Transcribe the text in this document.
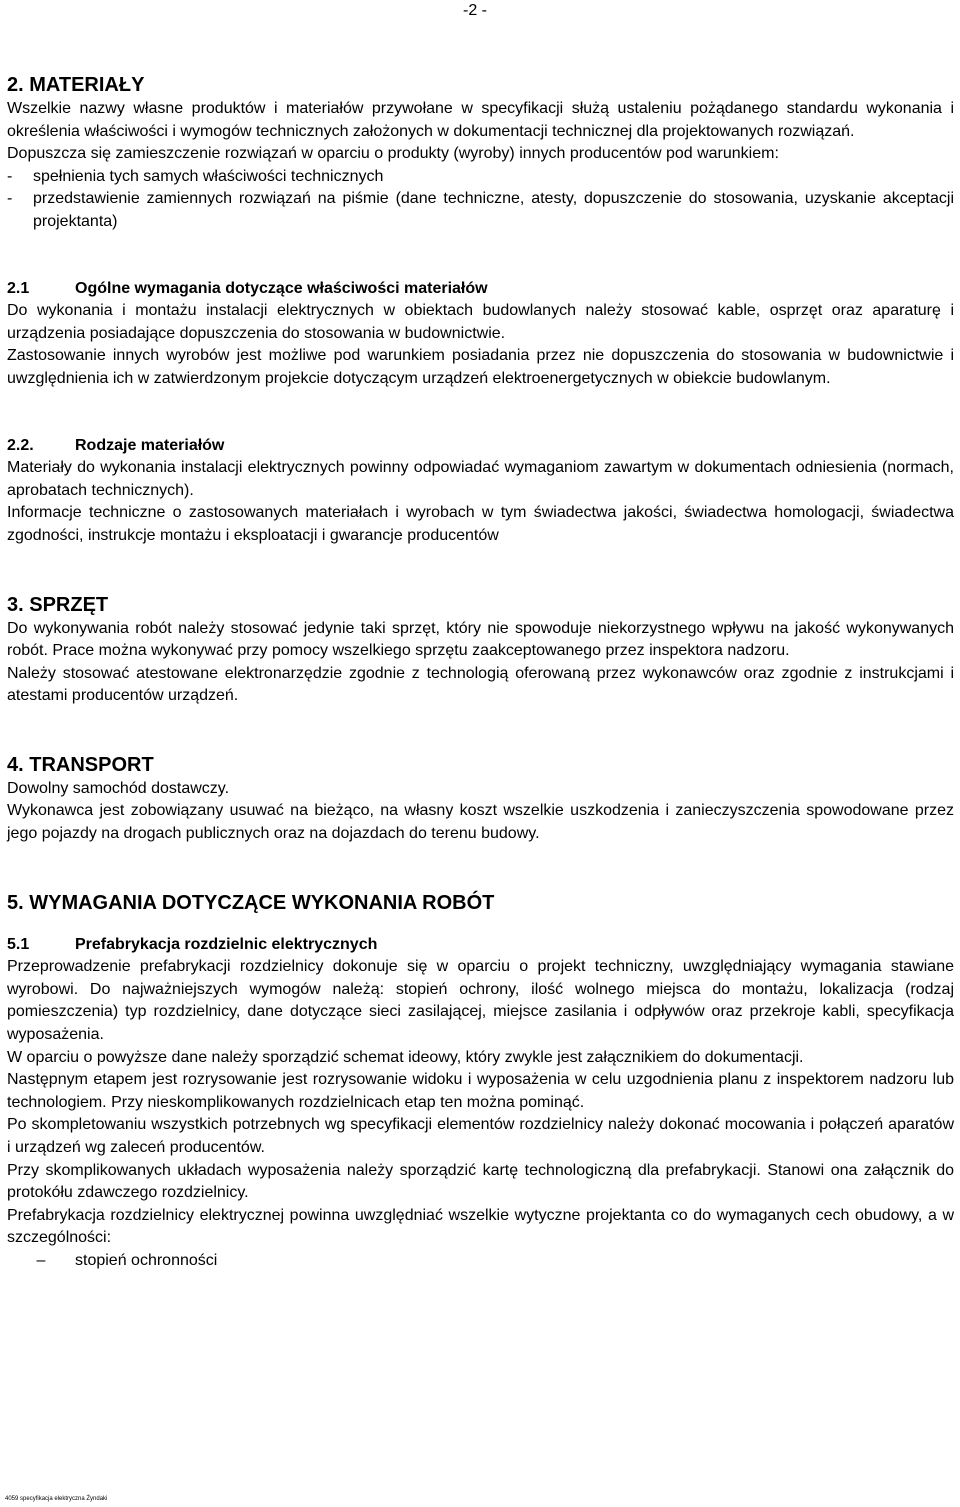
-2 -

2. MATERIAŁY

Wszelkie nazwy własne produktów i materiałów przywołane w specyfikacji służą ustaleniu pożądanego standardu wykonania i określenia właściwości i wymogów technicznych założonych w dokumentacji technicznej dla projektowanych rozwiązań.

Dopuszcza się zamieszczenie rozwiązań w oparciu o produkty (wyroby) innych producentów pod warunkiem:

-	spełnienia tych samych właściwości technicznych
-	przedstawienie zamiennych rozwiązań na piśmie (dane techniczne, atesty, dopuszczenie do stosowania, uzyskanie akceptacji projektanta)
2.1	Ogólne wymagania dotyczące właściwości materiałów

Do wykonania i montażu instalacji elektrycznych w obiektach budowlanych należy stosować kable, osprzęt oraz aparaturę i urządzenia posiadające dopuszczenia do stosowania w budownictwie.

Zastosowanie innych wyrobów jest możliwe pod warunkiem posiadania przez nie dopuszczenia do stosowania w budownictwie i uwzględnienia ich w zatwierdzonym projekcie dotyczącym urządzeń elektroenergetycznych w obiekcie budowlanym.

2.2.	Rodzaje materiałów

Materiały do wykonania instalacji elektrycznych powinny odpowiadać wymaganiom zawartym w dokumentach odniesienia (normach, aprobatach technicznych).

Informacje techniczne o zastosowanych materiałach i wyrobach w tym świadectwa jakości, świadectwa homologacji, świadectwa zgodności, instrukcje montażu i eksploatacji i gwarancje producentów

3. SPRZĘT

Do wykonywania robót należy stosować jedynie taki sprzęt, który nie spowoduje niekorzystnego wpływu na jakość wykonywanych robót. Prace można wykonywać przy pomocy wszelkiego sprzętu zaakceptowanego przez inspektora nadzoru.

Należy stosować atestowane elektronarzędzie zgodnie z technologią oferowaną przez wykonawców oraz zgodnie z instrukcjami i atestami producentów urządzeń.

4. TRANSPORT

Dowolny samochód dostawczy.

Wykonawca jest zobowiązany usuwać na bieżąco, na własny koszt wszelkie uszkodzenia i zanieczyszczenia spowodowane przez jego pojazdy na drogach publicznych oraz na dojazdach do terenu budowy.

5. WYMAGANIA DOTYCZĄCE WYKONANIA ROBÓT

5.1	Prefabrykacja rozdzielnic elektrycznych

Przeprowadzenie prefabrykacji rozdzielnicy dokonuje się w oparciu o projekt techniczny, uwzględniający wymagania stawiane wyrobowi. Do najważniejszych wymogów należą: stopień ochrony, ilość wolnego miejsca do montażu, lokalizacja (rodzaj pomieszczenia) typ rozdzielnicy, dane dotyczące sieci zasilającej, miejsce zasilania i odpływów oraz przekroje kabli, specyfikacja wyposażenia.

W oparciu o powyższe dane należy sporządzić schemat ideowy, który zwykle jest załącznikiem do dokumentacji.

Następnym etapem jest rozrysowanie jest rozrysowanie widoku i wyposażenia w celu uzgodnienia planu z inspektorem nadzoru lub technologiem. Przy nieskomplikowanych rozdzielnicach etap ten można pominąć.

Po skompletowaniu wszystkich potrzebnych wg specyfikacji elementów rozdzielnicy należy dokonać mocowania i połączeń aparatów i urządzeń wg zaleceń producentów.

Przy skomplikowanych układach wyposażenia należy sporządzić kartę technologiczną dla prefabrykacji. Stanowi ona załącznik do protokółu zdawczego rozdzielnicy.

Prefabrykacja rozdzielnicy elektrycznej powinna uwzględniać wszelkie wytyczne projektanta co do wymaganych cech obudowy, a w szczególności:

–	stopień ochronności
4059 specyfikacja elektryczna Żyndaki
